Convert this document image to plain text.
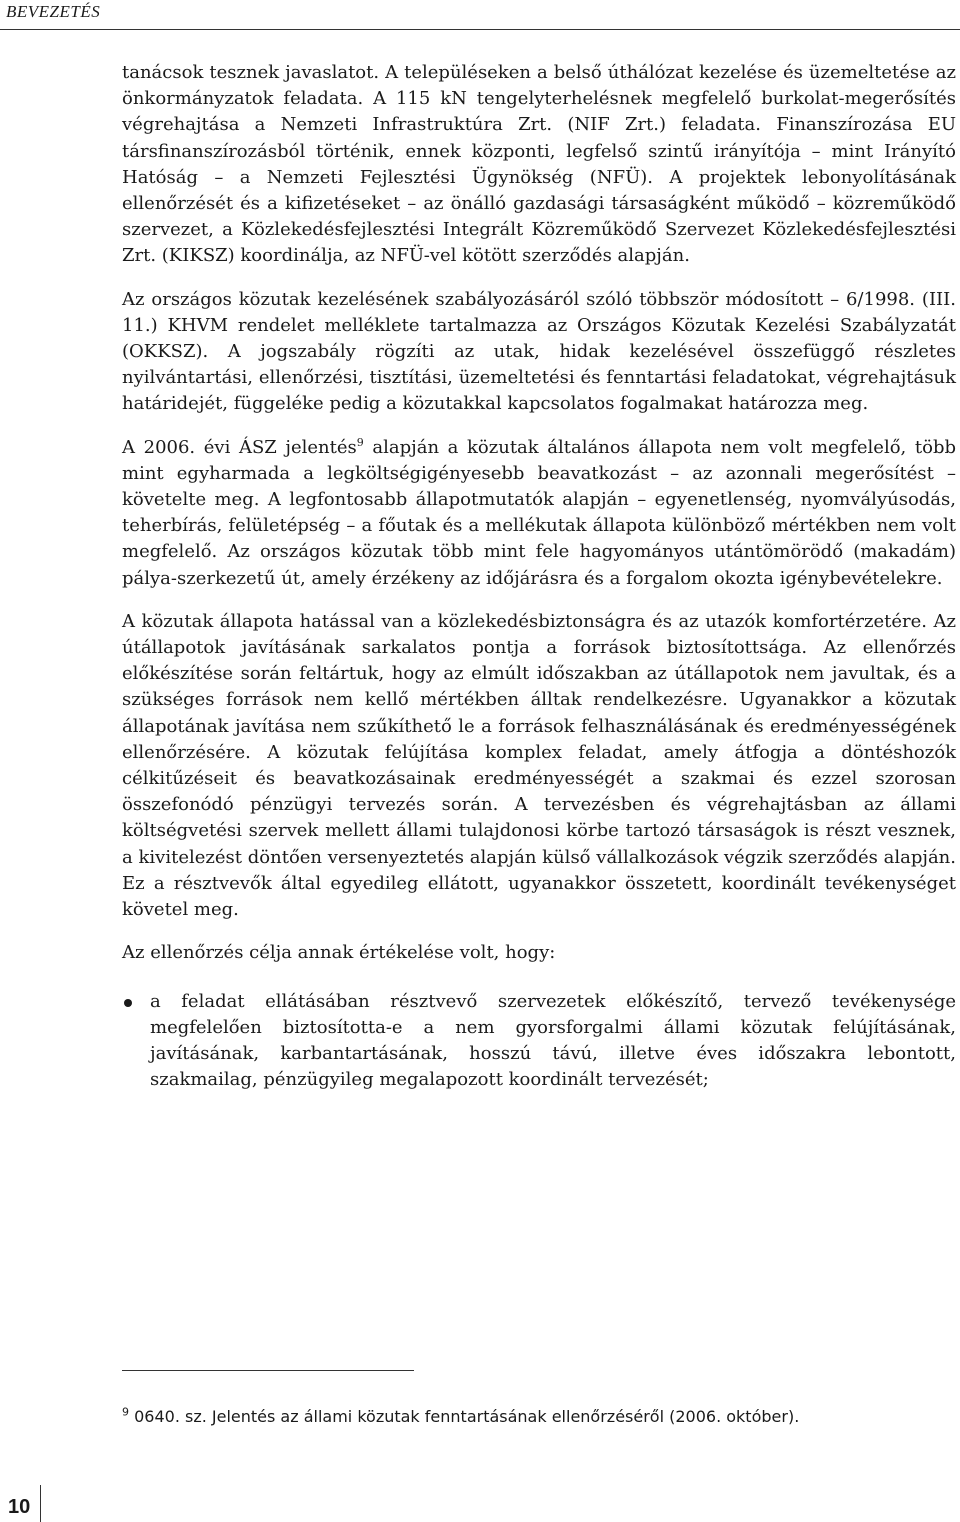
BEVEZETÉS

tanácsok tesznek javaslatot. A településeken a belső úthálózat kezelése és üzemeltetése az önkormányzatok feladata. A 115 kN tengelyterhelésnek megfelelő burkolat-megerősítés végrehajtása a Nemzeti Infrastruktúra Zrt. (NIF Zrt.) feladata. Finanszírozása EU társfinanszírozásból történik, ennek központi, legfelső szintű irányítója – mint Irányító Hatóság – a Nemzeti Fejlesztési Ügynökség (NFÜ). A projektek lebonyolításának ellenőrzését és a kifizetéseket – az önálló gazdasági társaságként működő – közreműködő szervezet, a Közlekedésfejlesztési Integrált Közreműködő Szervezet Közlekedésfejlesztési Zrt. (KIKSZ) koordinálja, az NFÜ-vel kötött szerződés alapján.

Az országos közutak kezelésének szabályozásáról szóló többször módosított – 6/1998. (III. 11.) KHVM rendelet melléklete tartalmazza az Országos Közutak Kezelési Szabályzatát (OKKSZ). A jogszabály rögzíti az utak, hidak kezelésével összefüggő részletes nyilvántartási, ellenőrzési, tisztítási, üzemeltetési és fenntartási feladatokat, végrehajtásuk határidejét, függeléke pedig a közutakkal kapcsolatos fogalmakat határozza meg.

A 2006. évi ÁSZ jelentés$^9$ alapján a közutak általános állapota nem volt megfelelő, több mint egyharmada a legköltségigényesebb beavatkozást – az azonnali megerősítést – követelte meg. A legfontosabb állapotmutatók alapján – egyenetlenség, nyomvályúsodás, teherbírás, felületépség – a főutak és a mellékutak állapota különböző mértékben nem volt megfelelő. Az országos közutak több mint fele hagyományos utántömörödő (makadám) pálya-szerkezetű út, amely érzékeny az időjárásra és a forgalom okozta igénybevételekre.

A közutak állapota hatással van a közlekedésbiztonságra és az utazók komfortérzetére. Az útállapotok javításának sarkalatos pontja a források biztosítottsága. Az ellenőrzés előkészítése során feltártuk, hogy az elmúlt időszakban az útállapotok nem javultak, és a szükséges források nem kellő mértékben álltak rendelkezésre. Ugyanakkor a közutak állapotának javítása nem szűkíthető le a források felhasználásának és eredményességének ellenőrzésére. A közutak felújítása komplex feladat, amely átfogja a döntéshozók célkitűzéseit és beavatkozásainak eredményességét a szakmai és ezzel szorosan összefonódó pénzügyi tervezés során. A tervezésben és végrehajtásban az állami költségvetési szervek mellett állami tulajdonosi körbe tartozó társaságok is részt vesznek, a kivitelezést döntően versenyeztetés alapján külső vállalkozások végzik szerződés alapján. Ez a résztvevők által egyedileg ellátott, ugyanakkor összetett, koordinált tevékenységet követel meg.

Az ellenőrzés célja annak értékelése volt, hogy:

a feladat ellátásában résztvevő szervezetek előkészítő, tervező tevékenysége megfelelően biztosította-e a nem gyorsforgalmi állami közutak felújításának, javításának, karbantartásának, hosszú távú, illetve éves időszakra lebontott, szakmailag, pénzügyileg megalapozott koordinált tervezését;
$^9$ 0640. sz. Jelentés az állami közutak fenntartásának ellenőrzéséről (2006. október).
10
